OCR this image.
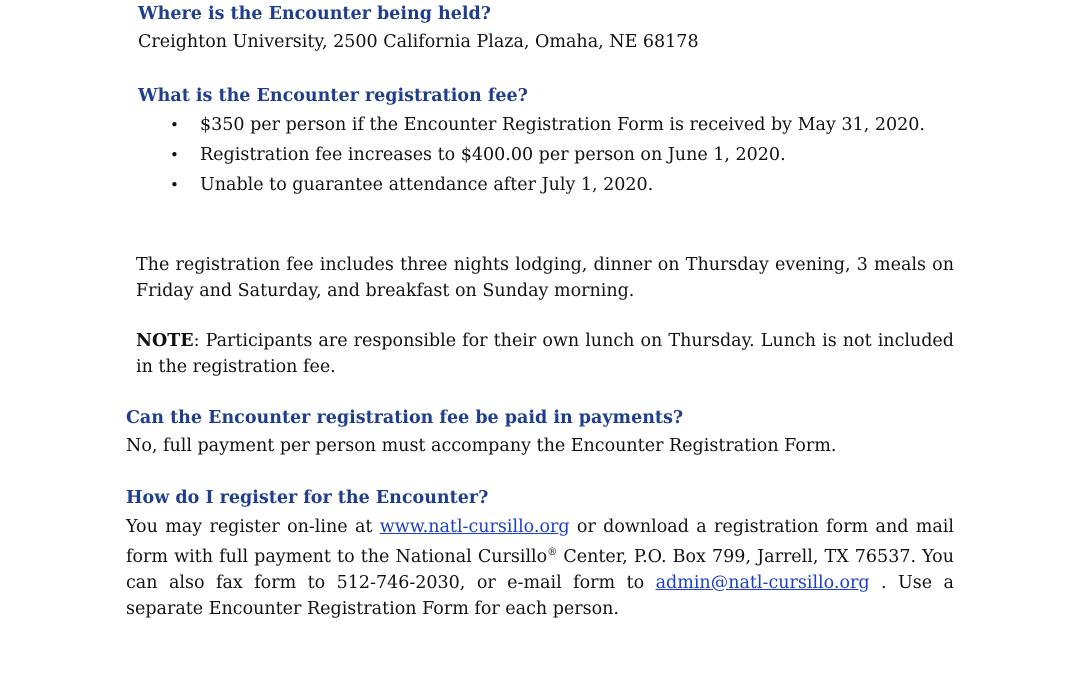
Where is the Encounter being held?

Creighton University, 2500 California Plaza, Omaha, NE 68178

What is the Encounter registration fee?

• $350 per person if the Encounter Registration Form is received by May 31, 2020.
• Registration fee increases to $400.00 per person on June 1, 2020.
• Unable to guarantee attendance after July 1, 2020.

The registration fee includes three nights lodging, dinner on Thursday evening, 3 meals on Friday and Saturday, and breakfast on Sunday morning.

NOTE: Participants are responsible for their own lunch on Thursday. Lunch is not included in the registration fee.

Can the Encounter registration fee be paid in payments?

No, full payment per person must accompany the Encounter Registration Form.

How do I register for the Encounter?

You may register on-line at www.natl-cursillo.org or download a registration form and mail form with full payment to the National Cursillo® Center, P.O. Box 799, Jarrell, TX 76537. You can also fax form to 512-746-2030, or e-mail form to admin@natl-cursillo.org . Use a separate Encounter Registration Form for each person.
